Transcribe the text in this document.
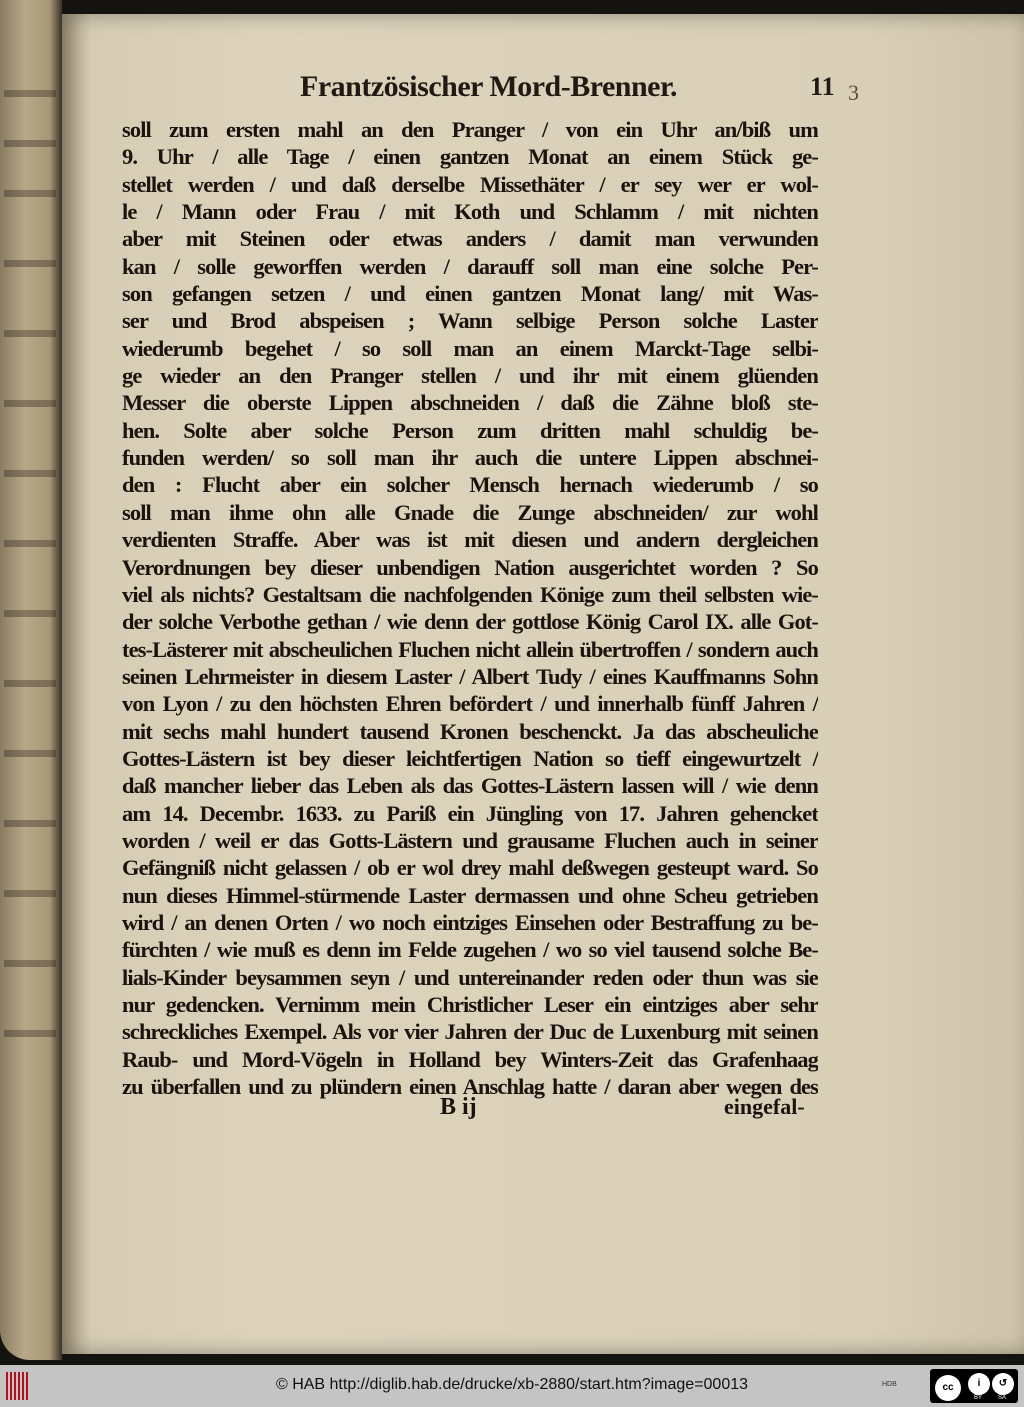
Frantzösischer Mord-Brenner.	11 3
soll zum ersten mahl an den Pranger / von ein Uhr an/biß um
9. Uhr / alle Tage / einen gantzen Monat an einem Stück ge-
stellet werden / und daß derselbe Missethäter / er sey wer er wol-
le / Mann oder Frau / mit Koth und Schlamm / mit nichten
aber mit Steinen oder etwas anders / damit man verwunden
kan / solle geworffen werden / darauff soll man eine solche Per-
son gefangen setzen / und einen gantzen Monat lang/ mit Was-
ser und Brod abspeisen ; Wann selbige Person solche Laster
wiederumb begehet / so soll man an einem Marckt-Tage selbi-
ge wieder an den Pranger stellen / und ihr mit einem glüenden
Messer die oberste Lippen abschneiden / daß die Zähne bloß ste-
hen. Solte aber solche Person zum dritten mahl schuldig be-
funden werden/ so soll man ihr auch die untere Lippen abschnei-
den : Flucht aber ein solcher Mensch hernach wiederumb / so
soll man ihme ohn alle Gnade die Zunge abschneiden/ zur wohl
verdienten Straffe. Aber was ist mit diesen und andern dergleichen
Verordnungen bey dieser unbendigen Nation ausgerichtet worden ? So
viel als nichts? Gestaltsam die nachfolgenden Könige zum theil selbsten wie-
der solche Verbothe gethan / wie denn der gottlose König Carol IX. alle Got-
tes-Lästerer mit abscheulichen Fluchen nicht allein übertroffen / sondern auch
seinen Lehrmeister in diesem Laster / Albert Tudy / eines Kauffmanns Sohn
von Lyon / zu den höchsten Ehren befördert / und innerhalb fünff Jahren /
mit sechs mahl hundert tausend Kronen beschenckt. Ja das abscheuliche
Gottes-Lästern ist bey dieser leichtfertigen Nation so tieff eingewurtzelt /
daß mancher lieber das Leben als das Gottes-Lästern lassen will / wie denn
am 14. Decembr. 1633. zu Pariß ein Jüngling von 17. Jahren gehencket
worden / weil er das Gotts-Lästern und grausame Fluchen auch in seiner
Gefängniß nicht gelassen / ob er wol drey mahl deßwegen gesteupt ward. So
nun dieses Himmel-stürmende Laster dermassen und ohne Scheu getrieben
wird / an denen Orten / wo noch eintziges Einsehen oder Bestraffung zu be-
fürchten / wie muß es denn im Felde zugehen / wo so viel tausend solche Be-
lials-Kinder beysammen seyn / und untereinander reden oder thun was sie
nur gedencken. Vernimm mein Christlicher Leser ein eintziges aber sehr
schreckliches Exempel. Als vor vier Jahren der Duc de Luxenburg mit seinen
Raub- und Mord-Vögeln in Holland bey Winters-Zeit das Grafenhaag
zu überfallen und zu plündern einen Anschlag hatte / daran aber wegen des
B ij	eingefal-
© HAB http://diglib.hab.de/drucke/xb-2880/start.htm?image=00013	HDB	cc	i	↺
BY	SA
